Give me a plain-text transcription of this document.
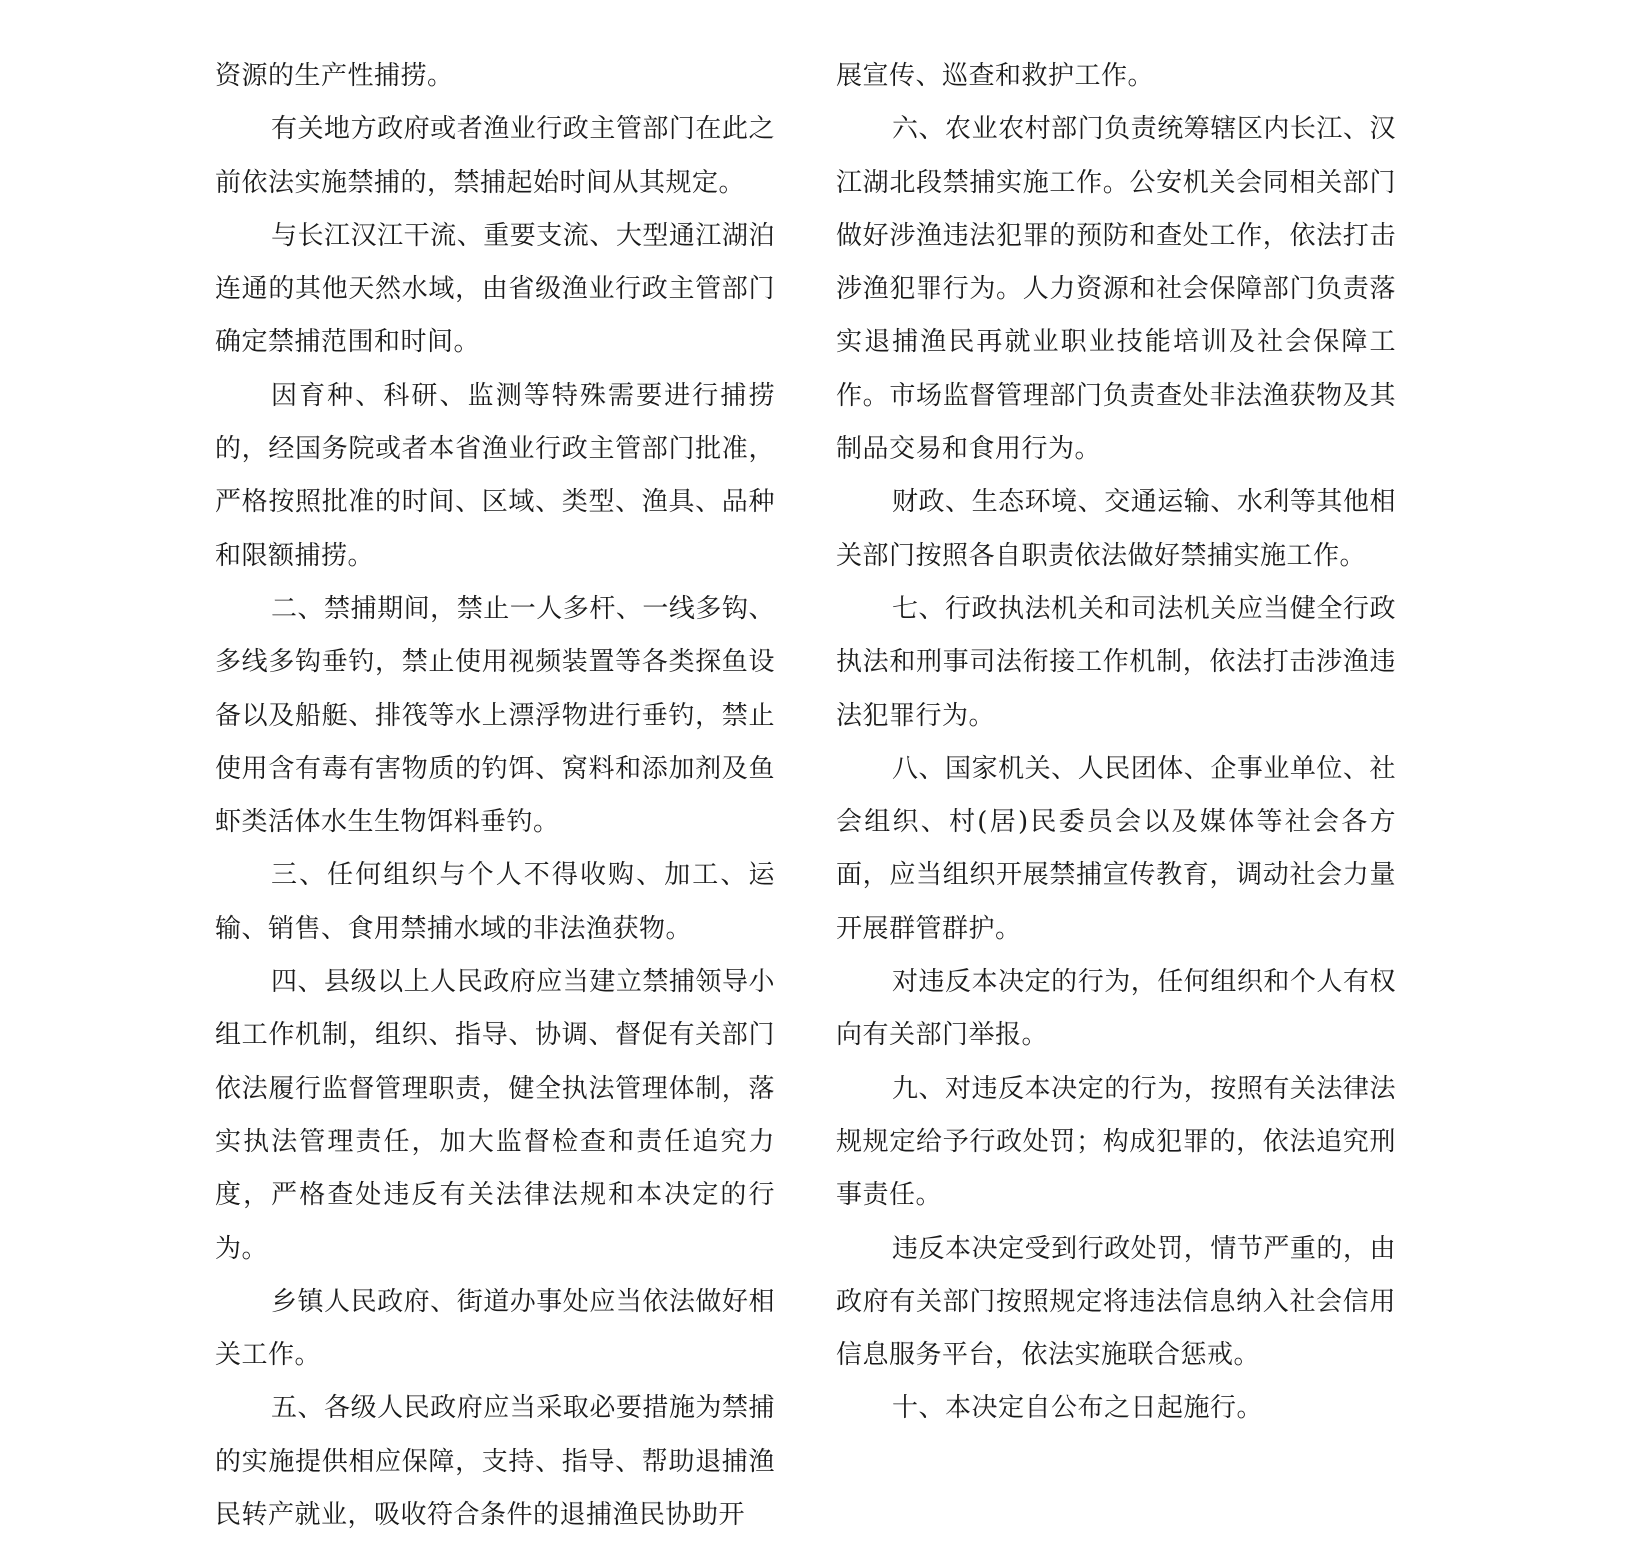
资源的生产性捕捞。

有关地方政府或者渔业行政主管部门在此之前依法实施禁捕的，禁捕起始时间从其规定。

与长江汉江干流、重要支流、大型通江湖泊连通的其他天然水域，由省级渔业行政主管部门确定禁捕范围和时间。

因育种、科研、监测等特殊需要进行捕捞的，经国务院或者本省渔业行政主管部门批准，严格按照批准的时间、区域、类型、渔具、品种和限额捕捞。

二、禁捕期间，禁止一人多杆、一线多钩、多线多钩垂钓，禁止使用视频装置等各类探鱼设备以及船艇、排筏等水上漂浮物进行垂钓，禁止使用含有毒有害物质的钓饵、窝料和添加剂及鱼虾类活体水生生物饵料垂钓。

三、任何组织与个人不得收购、加工、运输、销售、食用禁捕水域的非法渔获物。

四、县级以上人民政府应当建立禁捕领导小组工作机制，组织、指导、协调、督促有关部门依法履行监督管理职责，健全执法管理体制，落实执法管理责任，加大监督检查和责任追究力度，严格查处违反有关法律法规和本决定的行为。

乡镇人民政府、街道办事处应当依法做好相关工作。

五、各级人民政府应当采取必要措施为禁捕的实施提供相应保障，支持、指导、帮助退捕渔民转产就业，吸收符合条件的退捕渔民协助开

展宣传、巡查和救护工作。

六、农业农村部门负责统筹辖区内长江、汉江湖北段禁捕实施工作。公安机关会同相关部门做好涉渔违法犯罪的预防和查处工作，依法打击涉渔犯罪行为。人力资源和社会保障部门负责落实退捕渔民再就业职业技能培训及社会保障工作。市场监督管理部门负责查处非法渔获物及其制品交易和食用行为。

财政、生态环境、交通运输、水利等其他相关部门按照各自职责依法做好禁捕实施工作。

七、行政执法机关和司法机关应当健全行政执法和刑事司法衔接工作机制，依法打击涉渔违法犯罪行为。

八、国家机关、人民团体、企事业单位、社会组织、村(居)民委员会以及媒体等社会各方面，应当组织开展禁捕宣传教育，调动社会力量开展群管群护。

对违反本决定的行为，任何组织和个人有权向有关部门举报。

九、对违反本决定的行为，按照有关法律法规规定给予行政处罚；构成犯罪的，依法追究刑事责任。

违反本决定受到行政处罚，情节严重的，由政府有关部门按照规定将违法信息纳入社会信用信息服务平台，依法实施联合惩戒。

十、本决定自公布之日起施行。
